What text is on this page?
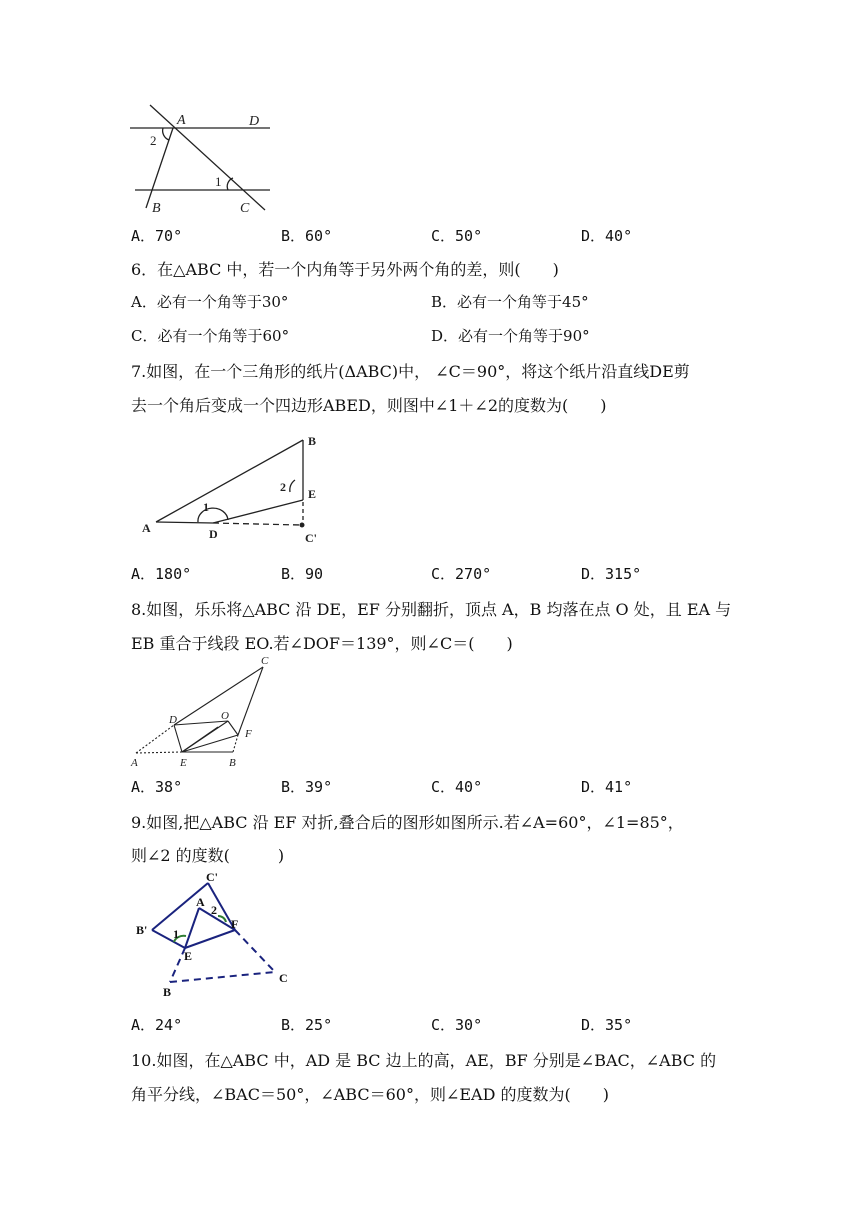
A	D
B	C
1
2
A．70°	B．60°	C．50°	D．40°
6．在△ABC 中，若一个内角等于另外两个角的差，则(　　)
A．必有一个角等于30°	B．必有一个角等于45°
C．必有一个角等于60°	D．必有一个角等于90°
7.如图，在一个三角形的纸片(ΔABC)中， ∠C＝90°，将这个纸片沿直线DE剪
去一个角后变成一个四边形ABED，则图中∠1＋∠2的度数为(　　)
A	D	C'
B
E
1
2
A．180°	B．90	C．270°	D．315°
8.如图，乐乐将△ABC 沿 DE，EF 分别翻折，顶点 A，B 均落在点 O 处，且 EA 与
EB 重合于线段 EO.若∠DOF＝139°，则∠C＝(　　)
C
D	O
F
A	E	B
A．38°	B．39°	C．40°	D．41°
9.如图,把△ABC 沿 EF 对折,叠合后的图形如图所示.若∠A=60°，∠1=85°，
则∠2 的度数(　　　)
C'
A
2
F
B' 1
E
C
B
A．24°	B．25°	C．30°	D．35°
10.如图，在△ABC 中，AD 是 BC 边上的高，AE，BF 分别是∠BAC，∠ABC 的
角平分线，∠BAC＝50°，∠ABC＝60°，则∠EAD 的度数为(　　)
